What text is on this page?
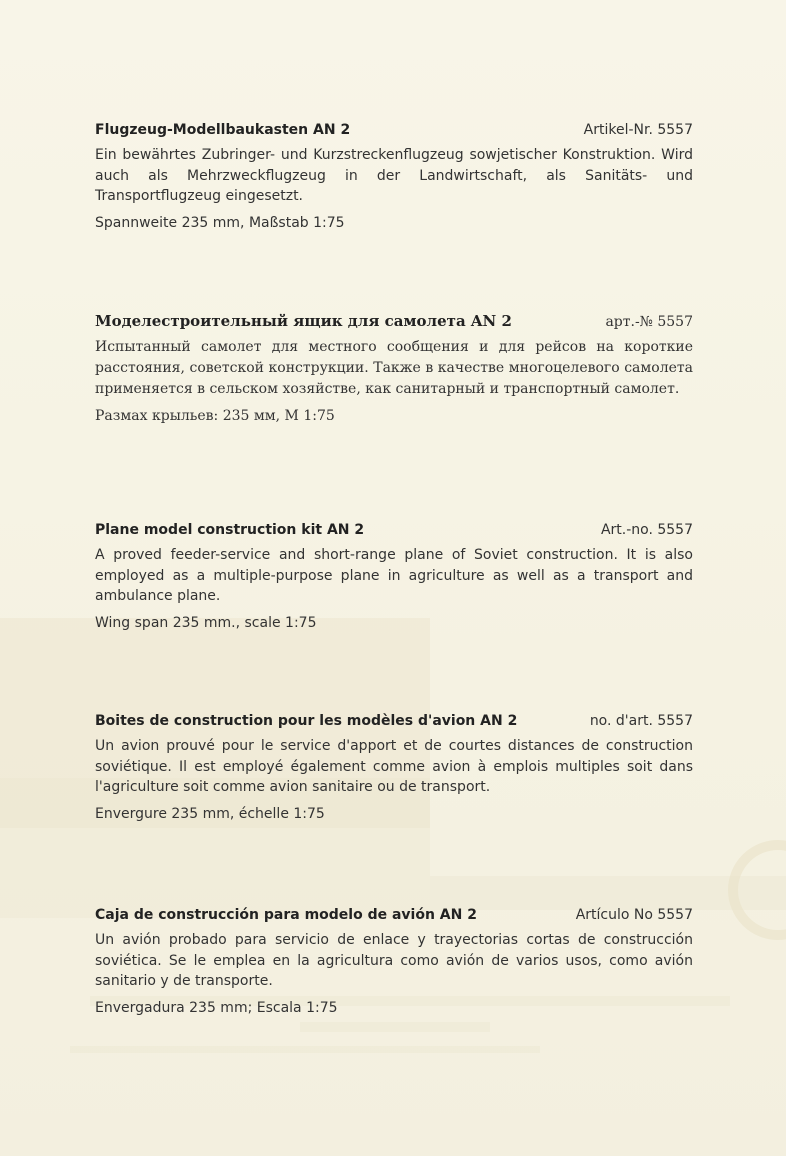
Flugzeug-Modellbaukasten AN 2	Artikel-Nr. 5557

Ein bewährtes Zubringer- und Kurzstreckenflugzeug sowjetischer Konstruktion. Wird auch als Mehrzweckflugzeug in der Landwirtschaft, als Sanitäts- und Transportflugzeug eingesetzt.

Spannweite 235 mm, Maßstab 1:75
Моделестроительный ящик для самолета AN 2	арт.-№ 5557

Испытанный самолет для местного сообщения и для рейсов на короткие расстояния, советской конструкции. Также в качестве многоцелевого самолета применяется в сельском хозяйстве, как санитарный и транспортный самолет.

Размах крыльев: 235 мм, М 1:75
Plane model construction kit AN 2	Art.-no. 5557

A proved feeder-service and short-range plane of Soviet construction. It is also employed as a multiple-purpose plane in agriculture as well as a transport and ambulance plane.

Wing span 235 mm., scale 1:75
Boites de construction pour les modèles d'avion AN 2	no. d'art. 5557

Un avion prouvé pour le service d'apport et de courtes distances de construction soviétique. Il est employé également comme avion à emplois multiples soit dans l'agriculture soit comme avion sanitaire ou de transport.

Envergure 235 mm, échelle 1:75
Caja de construcción para modelo de avión AN 2	Artículo No 5557

Un avión probado para servicio de enlace y trayectorias cortas de construcción soviética. Se le emplea en la agricultura como avión de varios usos, como avión sanitario y de transporte.

Envergadura 235 mm; Escala 1:75
